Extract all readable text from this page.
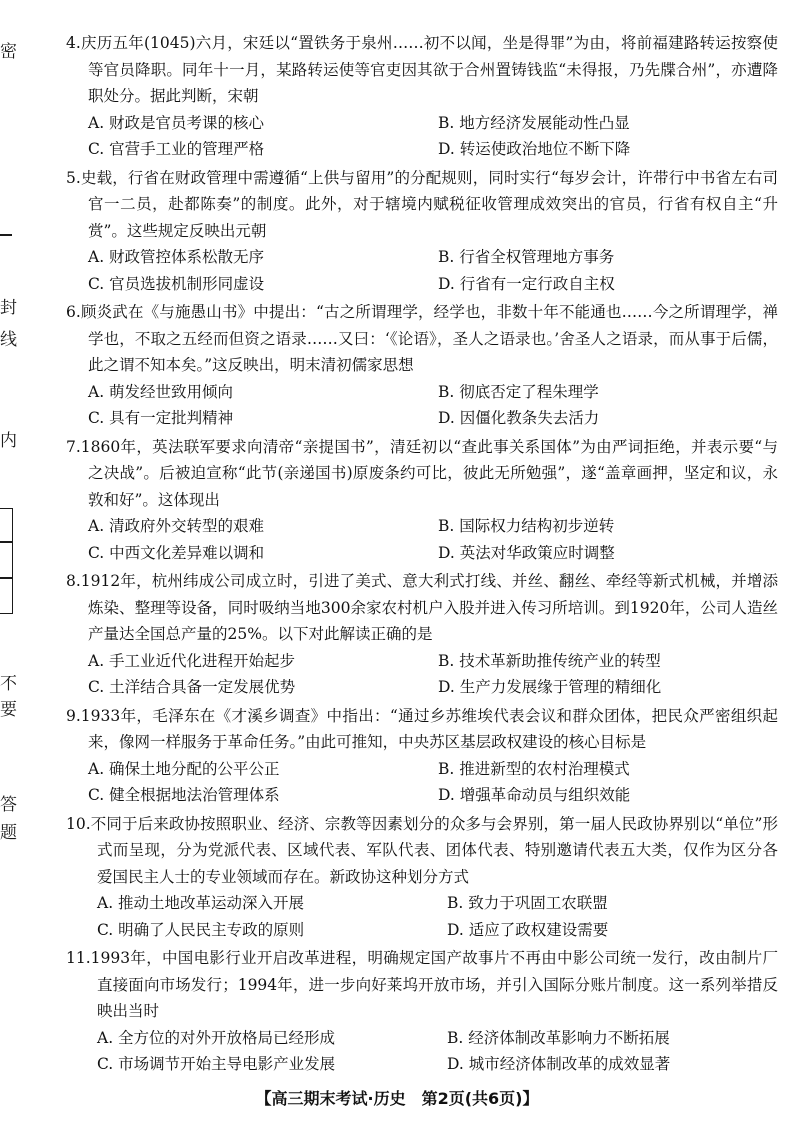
密
封
线
内
不
要
答
题

4.庆历五年(1045)六月，宋廷以“置铁务于泉州……初不以闻，坐是得罪”为由，将前福建路转运按察使等官员降职。同年十一月，某路转运使等官吏因其欲于合州置铸钱监“未得报，乃先牒合州”，亦遭降职处分。据此判断，宋朝

A. 财政是官员考课的核心	B. 地方经济发展能动性凸显
C. 官营手工业的管理严格	D. 转运使政治地位不断下降

5.史载，行省在财政管理中需遵循“上供与留用”的分配规则，同时实行“每岁会计，许带行中书省左右司官一二员，赴都陈奏”的制度。此外，对于辖境内赋税征收管理成效突出的官员，行省有权自主“升赏”。这些规定反映出元朝

A. 财政管控体系松散无序	B. 行省全权管理地方事务
C. 官员选拔机制形同虚设	D. 行省有一定行政自主权

6.顾炎武在《与施愚山书》中提出：“古之所谓理学，经学也，非数十年不能通也……今之所谓理学，禅学也，不取之五经而但资之语录……又曰：‘《论语》，圣人之语录也。’舍圣人之语录，而从事于后儒，此之谓不知本矣。”这反映出，明末清初儒家思想

A. 萌发经世致用倾向	B. 彻底否定了程朱理学
C. 具有一定批判精神	D. 因僵化教条失去活力

7.1860年，英法联军要求向清帝“亲提国书”，清廷初以“查此事关系国体”为由严词拒绝，并表示要“与之决战”。后被迫宣称“此节(亲递国书)原废条约可比，彼此无所勉强”，遂“盖章画押，坚定和议，永敦和好”。这体现出

A. 清政府外交转型的艰难	B. 国际权力结构初步逆转
C. 中西文化差异难以调和	D. 英法对华政策应时调整

8.1912年，杭州纬成公司成立时，引进了美式、意大利式打线、并丝、翻丝、牵经等新式机械，并增添炼染、整理等设备，同时吸纳当地300余家农村机户入股并进入传习所培训。到1920年，公司人造丝产量达全国总产量的25%。以下对此解读正确的是

A. 手工业近代化进程开始起步	B. 技术革新助推传统产业的转型
C. 土洋结合具备一定发展优势	D. 生产力发展缘于管理的精细化

9.1933年，毛泽东在《才溪乡调查》中指出：“通过乡苏维埃代表会议和群众团体，把民众严密组织起来，像网一样服务于革命任务。”由此可推知，中央苏区基层政权建设的核心目标是

A. 确保土地分配的公平公正	B. 推进新型的农村治理模式
C. 健全根据地法治管理体系	D. 增强革命动员与组织效能

10.不同于后来政协按照职业、经济、宗教等因素划分的众多与会界别，第一届人民政协界别以“单位”形式而呈现，分为党派代表、区域代表、军队代表、团体代表、特别邀请代表五大类，仅作为区分各爱国民主人士的专业领域而存在。新政协这种划分方式

A. 推动土地改革运动深入开展	B. 致力于巩固工农联盟
C. 明确了人民民主专政的原则	D. 适应了政权建设需要

11.1993年，中国电影行业开启改革进程，明确规定国产故事片不再由中影公司统一发行，改由制片厂直接面向市场发行；1994年，进一步向好莱坞开放市场，并引入国际分账片制度。这一系列举措反映出当时

A. 全方位的对外开放格局已经形成	B. 经济体制改革影响力不断拓展
C. 市场调节开始主导电影产业发展	D. 城市经济体制改革的成效显著
【高三期末考试·历史　第2页(共6页)】
